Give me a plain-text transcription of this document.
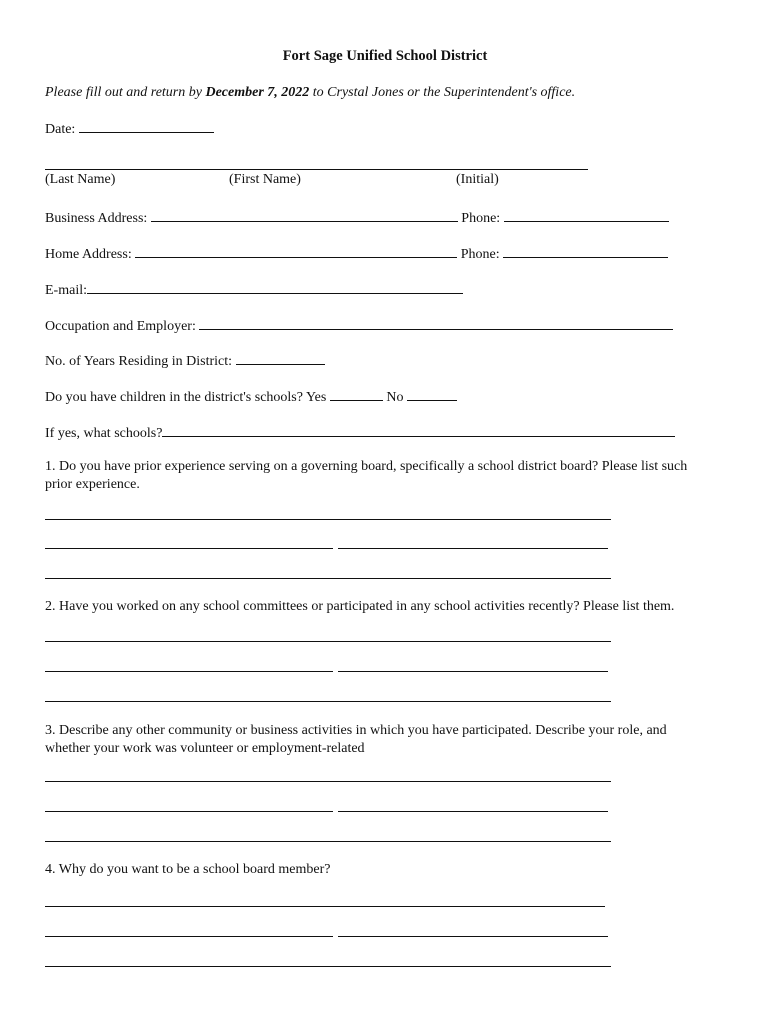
Fort Sage Unified School District
Please fill out and return by December 7, 2022 to Crystal Jones or the Superintendent's office.
Date:
(Last Name)	(First Name)	(Initial)
Business Address:	Phone:
Home Address:	Phone:
E-mail:
Occupation and Employer:
No. of Years Residing in District:
Do you have children in the district's schools? Yes	No
If yes, what schools?
1. Do you have prior experience serving on a governing board, specifically a school district board? Please list such prior experience.
2. Have you worked on any school committees or participated in any school activities recently? Please list them.
3. Describe any other community or business activities in which you have participated. Describe your role, and whether your work was volunteer or employment-related
4. Why do you want to be a school board member?
